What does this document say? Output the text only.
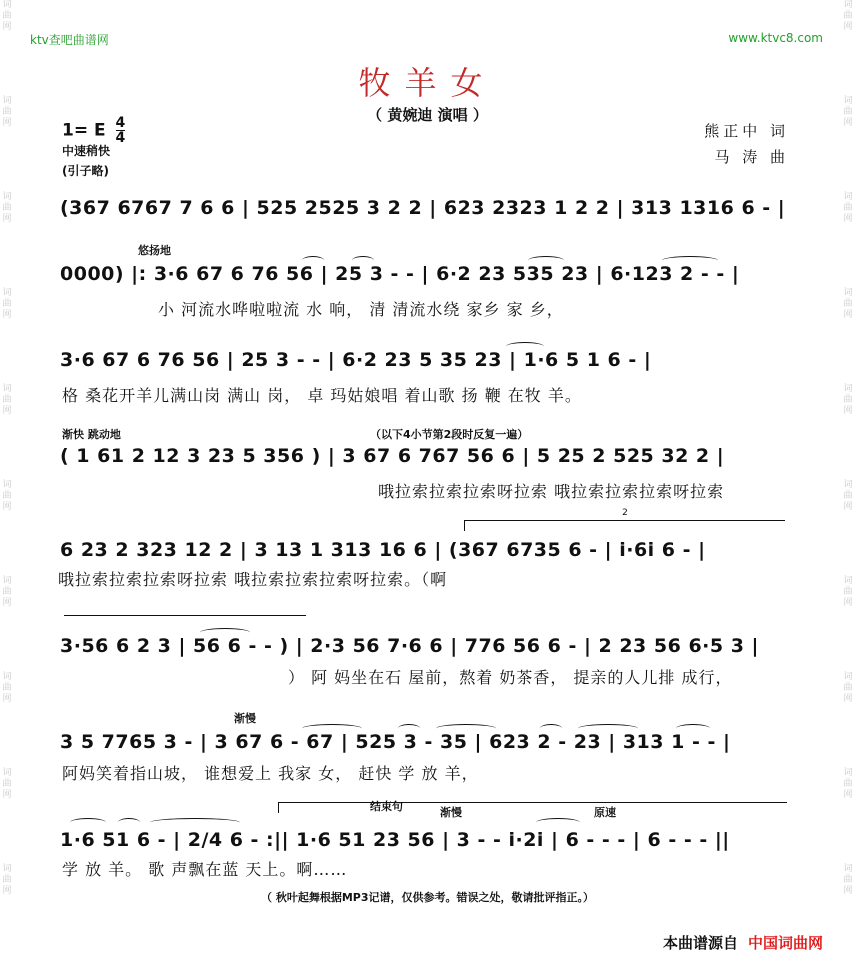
词
曲
网
词
曲
网
词
曲
网
词
曲
网
词
曲
网
词
曲
网
词
曲
网
词
曲
网
词
曲
网
词
曲
网
词
曲
网
词
曲
网
词
曲
网
词
曲
网
词
曲
网
词
曲
网
词
曲
网
词
曲
网
词
曲
网
词
曲
网
ktv查吧曲谱网	www.ktvc8.com
牧羊女
（ 黄婉迪 演唱 ）
1= E $\frac{4}{4}$
中速稍快
(引子略)
熊正中 词
马 涛 曲
(367 6767 7 6 6 | 525 2525 3 2 2 | 623 2323 1 2 2 | 313 1316 6 - |
悠扬地
0000) |: 3·6 67 6 76 56 | 25 3 - - | 6·2 23 535 23 | 6·123 2 - - |
小 河流水哗啦啦流 水 响， 清 清流水绕 家乡 家 乡，
3·6 67 6 76 56 | 25 3 - - | 6·2 23 5 35 23 | 1·6 5 1 6 - |
格 桑花开羊儿满山岗 满山 岗， 卓 玛姑娘唱 着山歌 扬 鞭 在牧 羊。
渐快 跳动地	（以下4小节第2段时反复一遍）
( 1 61 2 12 3 23 5 356 ) | 3 67 6 767 56 6 | 5 25 2 525 32 2 |
哦拉索拉索拉索呀拉索 哦拉索拉索拉索呀拉索
2
6 23 2 323 12 2 | 3 13 1 313 16 6 | (367 6735 6 - | i·6i 6 - |
哦拉索拉索拉索呀拉索 哦拉索拉索拉索呀拉索。（啊
3·56 6 2 3 | 56 6 - - ) | 2·3 56 7·6 6 | 776 56 6 - | 2 23 56 6·5 3 |
） 阿 妈坐在石 屋前，熬着 奶茶香， 提亲的人儿排 成行，
渐慢
3 5 7765 3 - | 3 67 6 - 67 | 525 3 - 35 | 623 2 - 23 | 313 1 - - |
阿妈笑着指山坡， 谁想爱上 我家 女， 赶快 学 放 羊，
结束句	渐慢	原速
1·6 51 6 - | 2/4 6 - :|| 1·6 51 23 56 | 3 - - i·2i | 6 - - - | 6 - - - ||
学 放 羊。 歌 声飘在蓝 天上。啊……
（ 秋叶起舞根据MP3记谱，仅供参考。错误之处，敬请批评指正。）
本曲谱源自 中国词曲网
